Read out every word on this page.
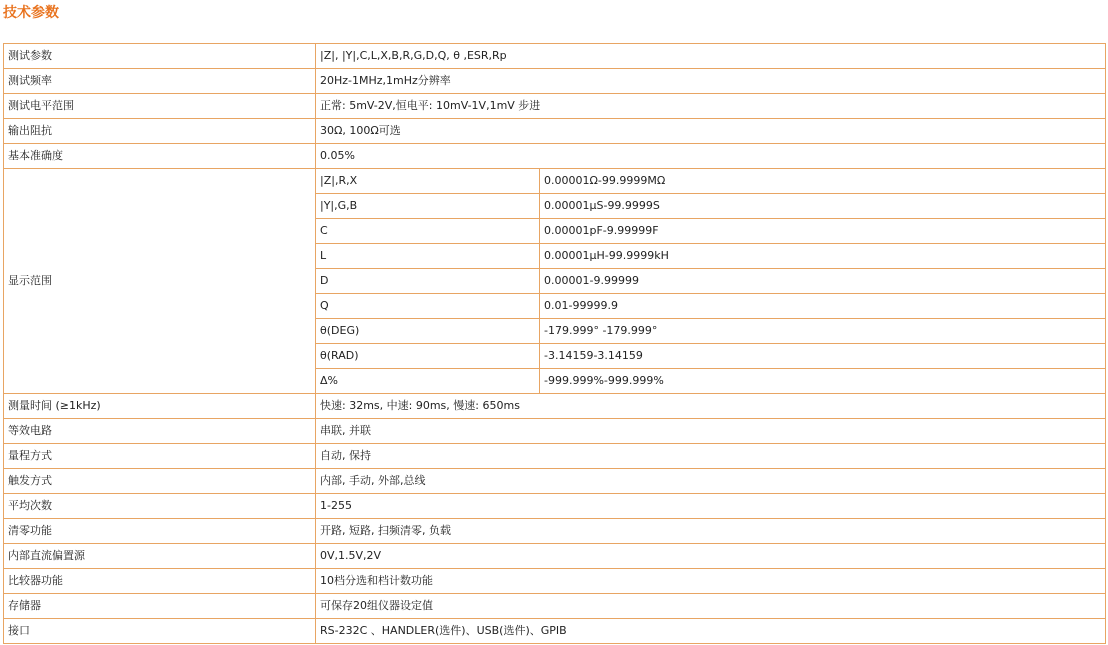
技术参数
测试参数	|Z|, |Y|,C,L,X,B,R,G,D,Q, θ ,ESR,Rp	
测试频率	20Hz-1MHz,1mHz分辨率	
测试电平范围	正常: 5mV-2V,恒电平: 10mV-1V,1mV 步进	
输出阻抗	30Ω, 100Ω可选	
基本准确度	0.05%	
显示范围	|Z|,R,X	0.00001Ω-99.9999MΩ
	|Y|,G,B	0.00001μS-99.9999S
	C	0.00001pF-9.99999F
	L	0.00001μH-99.9999kH
	D	0.00001-9.99999
	Q	0.01-99999.9
	θ(DEG)	-179.999° -179.999°
	θ(RAD)	-3.14159-3.14159
	Δ%	-999.999%-999.999%
测量时间 (≥1kHz)	快速: 32ms, 中速: 90ms, 慢速: 650ms	
等效电路	串联, 并联	
量程方式	自动, 保持	
触发方式	内部, 手动, 外部,总线	
平均次数	1-255	
清零功能	开路, 短路, 扫频清零, 负载	
内部直流偏置源	0V,1.5V,2V	
比较器功能	10档分选和档计数功能	
存储器	可保存20组仪器设定值	
接口	RS-232C 、HANDLER(选件)、USB(选件)、GPIB	
